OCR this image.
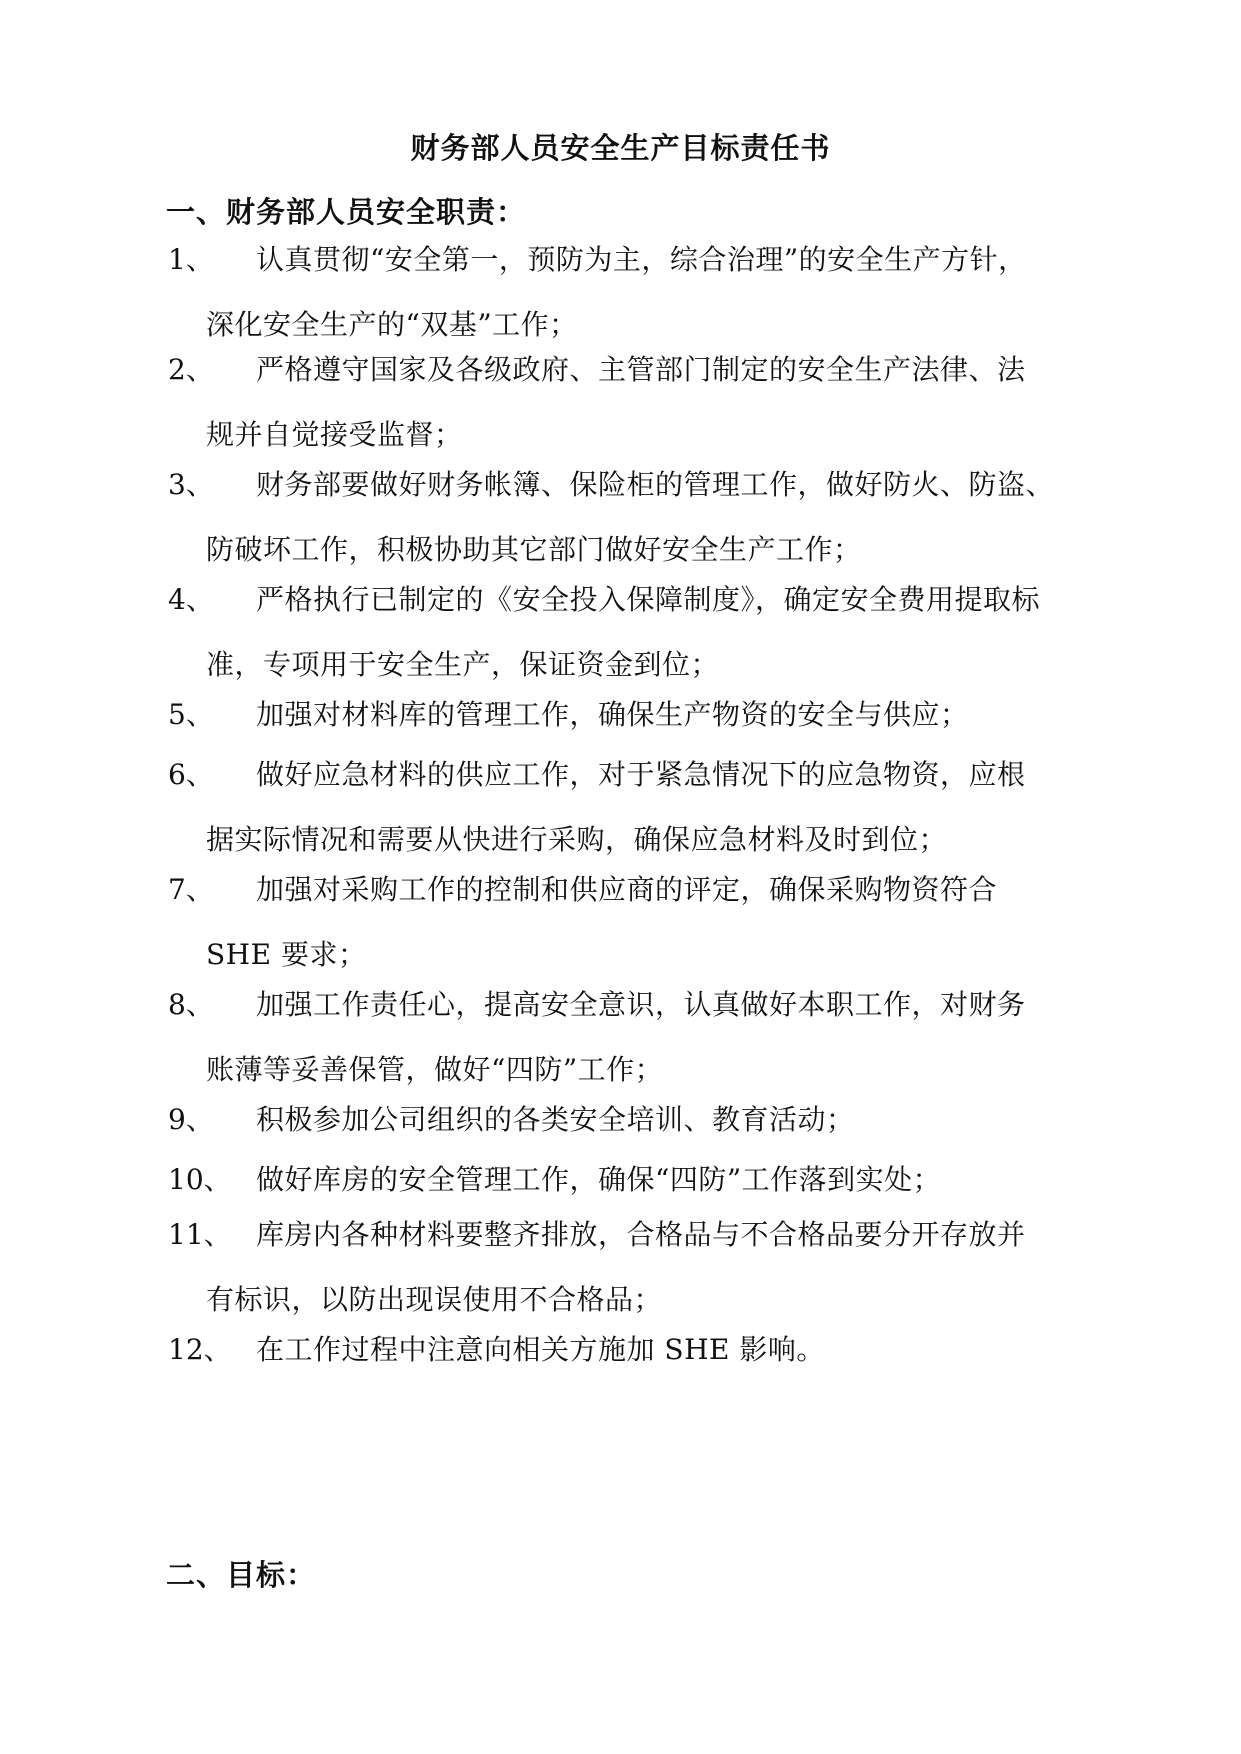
财务部人员安全生产目标责任书
一、财务部人员安全职责：
1、 认真贯彻“安全第一，预防为主，综合治理”的安全生产方针，
深化安全生产的“双基”工作；
2、 严格遵守国家及各级政府、主管部门制定的安全生产法律、法
规并自觉接受监督；
3、 财务部要做好财务帐簿、保险柜的管理工作，做好防火、防盗、
防破坏工作，积极协助其它部门做好安全生产工作；
4、 严格执行已制定的《安全投入保障制度》，确定安全费用提取标
准，专项用于安全生产，保证资金到位；
5、 加强对材料库的管理工作，确保生产物资的安全与供应；
6、 做好应急材料的供应工作，对于紧急情况下的应急物资，应根
据实际情况和需要从快进行采购，确保应急材料及时到位；
7、 加强对采购工作的控制和供应商的评定，确保采购物资符合
SHE 要求；
8、 加强工作责任心，提高安全意识，认真做好本职工作，对财务
账薄等妥善保管，做好“四防”工作；
9、 积极参加公司组织的各类安全培训、教育活动；
10、 做好库房的安全管理工作，确保“四防”工作落到实处；
11、 库房内各种材料要整齐排放，合格品与不合格品要分开存放并
有标识，以防出现误使用不合格品；
12、 在工作过程中注意向相关方施加 SHE 影响。
二、目标：
